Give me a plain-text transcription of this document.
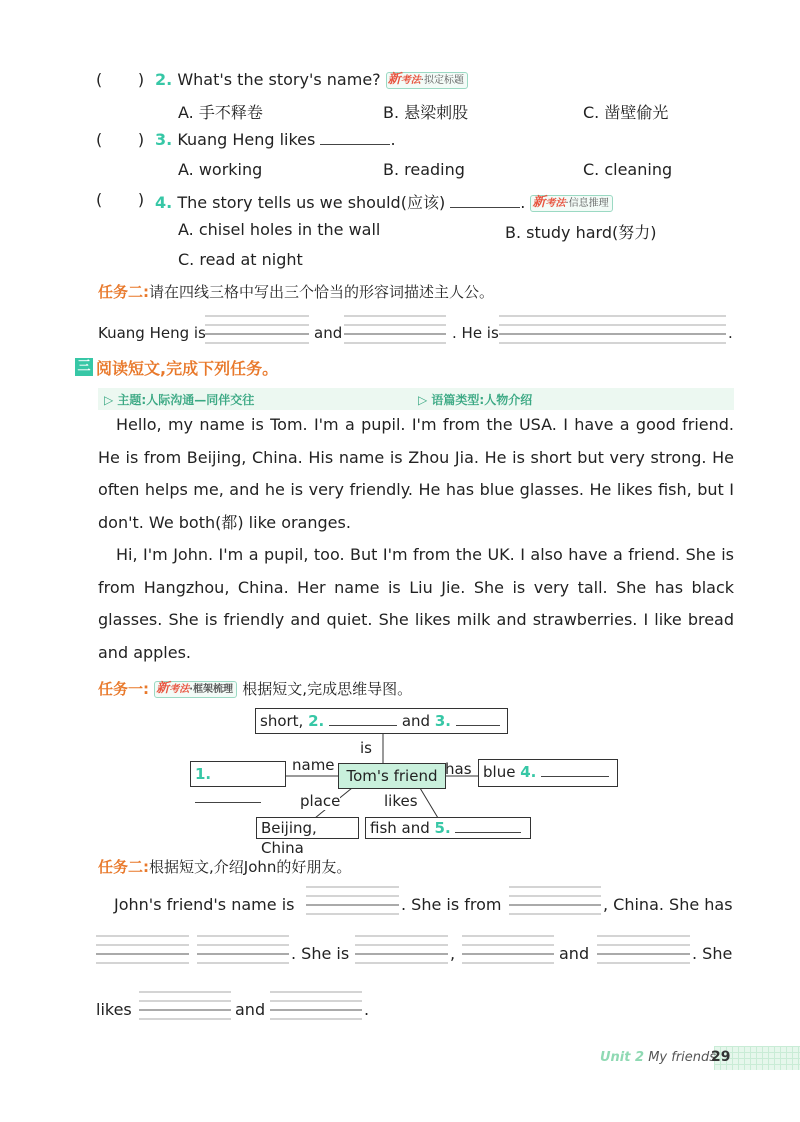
(       ) 2. What's the story's name? 新考法·拟定标题
A. 手不释卷	B. 悬梁刺股	C. 凿壁偷光
(       ) 3. Kuang Heng likes	.
A. working	B. reading	C. cleaning
(       ) 4. The story tells us we should(应该)	. 新考法·信息推理
A. chisel holes in the wall	B. study hard(努力)
C. read at night
任务二:请在四线三格中写出三个恰当的形容词描述主人公。
Kuang Heng is	and	. He is	.
三 阅读短文,完成下列任务。
▷ 主题:人际沟通—同伴交往	▷ 语篇类型:人物介绍
Hello, my name is Tom. I'm a pupil. I'm from the USA. I have a good friend. He is from Beijing, China. His name is Zhou Jia. He is short but very strong. He often helps me, and he is very friendly. He has blue glasses. He likes fish, but I don't. We both(都) like oranges.
Hi, I'm John. I'm a pupil, too. But I'm from the UK. I also have a friend. She is from Hangzhou, China. Her name is Liu Jie. She is very tall. She has black glasses. She is friendly and quiet. She likes milk and strawberries. I like bread and apples.
任务一: 新考法·框架梳理 根据短文,完成思维导图。
short, 2.	and 3.
1.	Tom's friend	blue 4.
Beijing, China
fish and 5.
is
name	has
place	likes
任务二:根据短文,介绍John的好朋友。
John's friend's name is	. She is from	, China. She has
. She is	,	and	. She
likes	and	.
Unit 2 My friends
29
